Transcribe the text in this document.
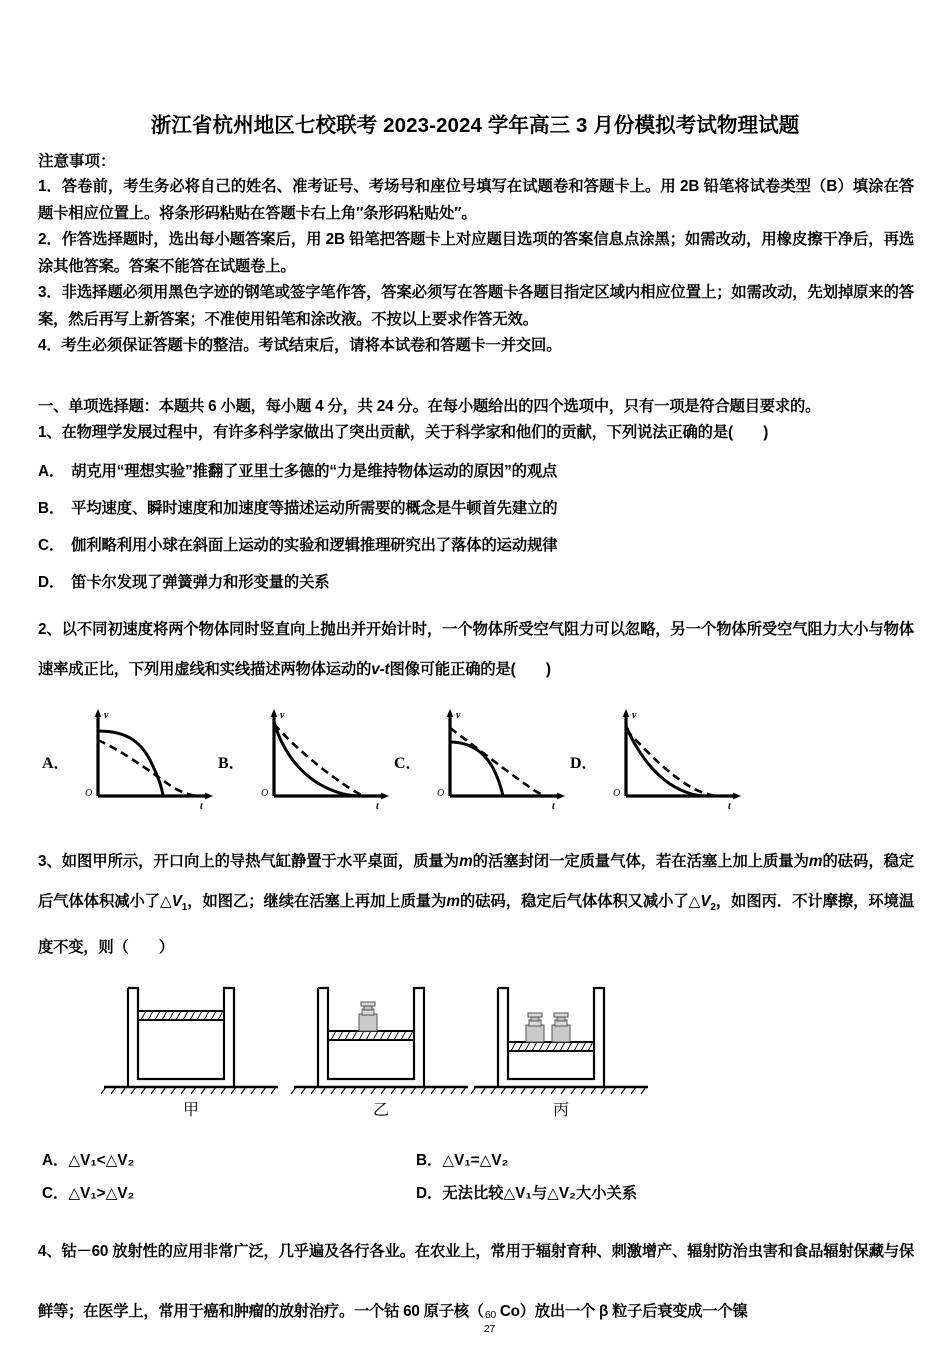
浙江省杭州地区七校联考 2023-2024 学年高三 3 月份模拟考试物理试题
注意事项：
1．答卷前，考生务必将自己的姓名、准考证号、考场号和座位号填写在试题卷和答题卡上。用 2B 铅笔将试卷类型（B）填涂在答题卡相应位置上。将条形码粘贴在答题卡右上角″条形码粘贴处″。
2．作答选择题时，选出每小题答案后，用 2B 铅笔把答题卡上对应题目选项的答案信息点涂黑；如需改动，用橡皮擦干净后，再选涂其他答案。答案不能答在试题卷上。
3．非选择题必须用黑色字迹的钢笔或签字笔作答，答案必须写在答题卡各题目指定区域内相应位置上；如需改动，先划掉原来的答案，然后再写上新答案；不准使用铅笔和涂改液。不按以上要求作答无效。
4．考生必须保证答题卡的整洁。考试结束后，请将本试卷和答题卡一并交回。
一、单项选择题：本题共 6 小题，每小题 4 分，共 24 分。在每小题给出的四个选项中，只有一项是符合题目要求的。
1、在物理学发展过程中，有许多科学家做出了突出贡献，关于科学家和他们的贡献，下列说法正确的是(　　)
A． 胡克用“理想实验”推翻了亚里士多德的“力是维持物体运动的原因”的观点
B． 平均速度、瞬时速度和加速度等描述运动所需要的概念是牛顿首先建立的
C． 伽利略利用小球在斜面上运动的实验和逻辑推理研究出了落体的运动规律
D． 笛卡尔发现了弹簧弹力和形变量的关系
2、以不同初速度将两个物体同时竖直向上抛出并开始计时，一个物体所受空气阻力可以忽略，另一个物体所受空气阻力大小与物体速率成正比，下列用虚线和实线描述两物体运动的v-t图像可能正确的是(　　)
A．
v
t
O
B．
v
t
O
C．
v
t
O
D．
v
t
O
3、如图甲所示，开口向上的导热气缸静置于水平桌面，质量为m的活塞封闭一定质量气体，若在活塞上加上质量为m的砝码，稳定后气体体积减小了$\triangle V_1$，如图乙；继续在活塞上再加上质量为m的砝码，稳定后气体体积又减小了$\triangle V_2$，如图丙．不计摩擦，环境温度不变，则（　　）
甲	乙	丙
A．△V₁<△V₂	B．△V₁=△V₂
C．△V₁>△V₂	D．无法比较△V₁与△V₂大小关系
4、钴－60 放射性的应用非常广泛，几乎遍及各行各业。在农业上，常用于辐射育种、刺激增产、辐射防治虫害和食品辐射保藏与保鲜等；在医学上，常用于癌和肿瘤的放射治疗。一个钴 60 原子核（ 60
27
Co）放出一个 β 粒子后衰变成一个镍
